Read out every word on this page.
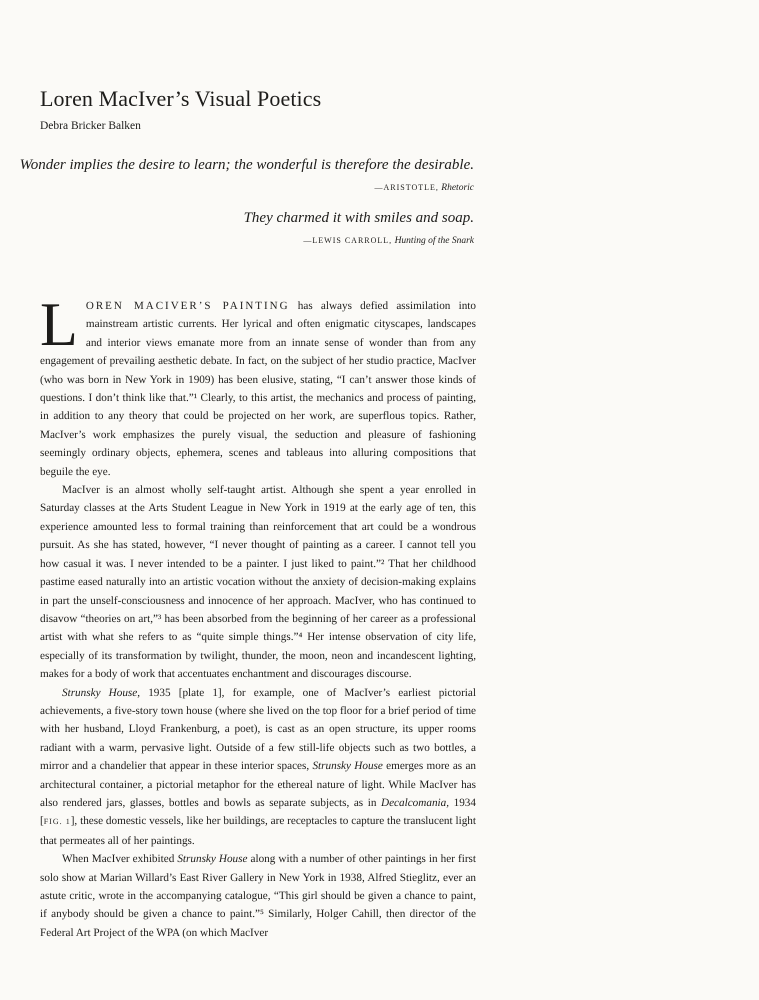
Loren MacIver’s Visual Poetics
Debra Bricker Balken
Wonder implies the desire to learn; the wonderful is therefore the desirable.
—ARISTOTLE, Rhetoric
They charmed it with smiles and soap.
—LEWIS CARROLL, Hunting of the Snark

LOREN MACIVER’S PAINTING has always defied assimilation into mainstream artistic currents. Her lyrical and often enigmatic cityscapes, landscapes and interior views emanate more from an innate sense of wonder than from any engagement of prevailing aesthetic debate. In fact, on the subject of her studio practice, MacIver (who was born in New York in 1909) has been elusive, stating, “I can’t answer those kinds of questions. I don’t think like that.”¹ Clearly, to this artist, the mechanics and process of painting, in addition to any theory that could be projected on her work, are superflous topics. Rather, MacIver’s work emphasizes the purely visual, the seduction and pleasure of fashioning seemingly ordinary objects, ephemera, scenes and tableaus into alluring compositions that beguile the eye.

MacIver is an almost wholly self-taught artist. Although she spent a year enrolled in Saturday classes at the Arts Student League in New York in 1919 at the early age of ten, this experience amounted less to formal training than reinforcement that art could be a wondrous pursuit. As she has stated, however, “I never thought of painting as a career. I cannot tell you how casual it was. I never intended to be a painter. I just liked to paint.”² That her childhood pastime eased naturally into an artistic vocation without the anxiety of decision-making explains in part the unself-consciousness and innocence of her approach. MacIver, who has continued to disavow “theories on art,”³ has been absorbed from the beginning of her career as a professional artist with what she refers to as “quite simple things.”⁴ Her intense observation of city life, especially of its transformation by twilight, thunder, the moon, neon and incandescent lighting, makes for a body of work that accentuates enchantment and discourages discourse.

Strunsky House, 1935 [plate 1], for example, one of MacIver’s earliest pictorial achievements, a five-story town house (where she lived on the top floor for a brief period of time with her husband, Lloyd Frankenburg, a poet), is cast as an open structure, its upper rooms radiant with a warm, pervasive light. Outside of a few still-life objects such as two bottles, a mirror and a chandelier that appear in these interior spaces, Strunsky House emerges more as an architectural container, a pictorial metaphor for the ethereal nature of light. While MacIver has also rendered jars, glasses, bottles and bowls as separate subjects, as in Decalcomania, 1934 [FIG. 1], these domestic vessels, like her buildings, are receptacles to capture the translucent light that permeates all of her paintings.

When MacIver exhibited Strunsky House along with a number of other paintings in her first solo show at Marian Willard’s East River Gallery in New York in 1938, Alfred Stieglitz, ever an astute critic, wrote in the accompanying catalogue, “This girl should be given a chance to paint, if anybody should be given a chance to paint.”⁵ Similarly, Holger Cahill, then director of the Federal Art Project of the WPA (on which MacIver
